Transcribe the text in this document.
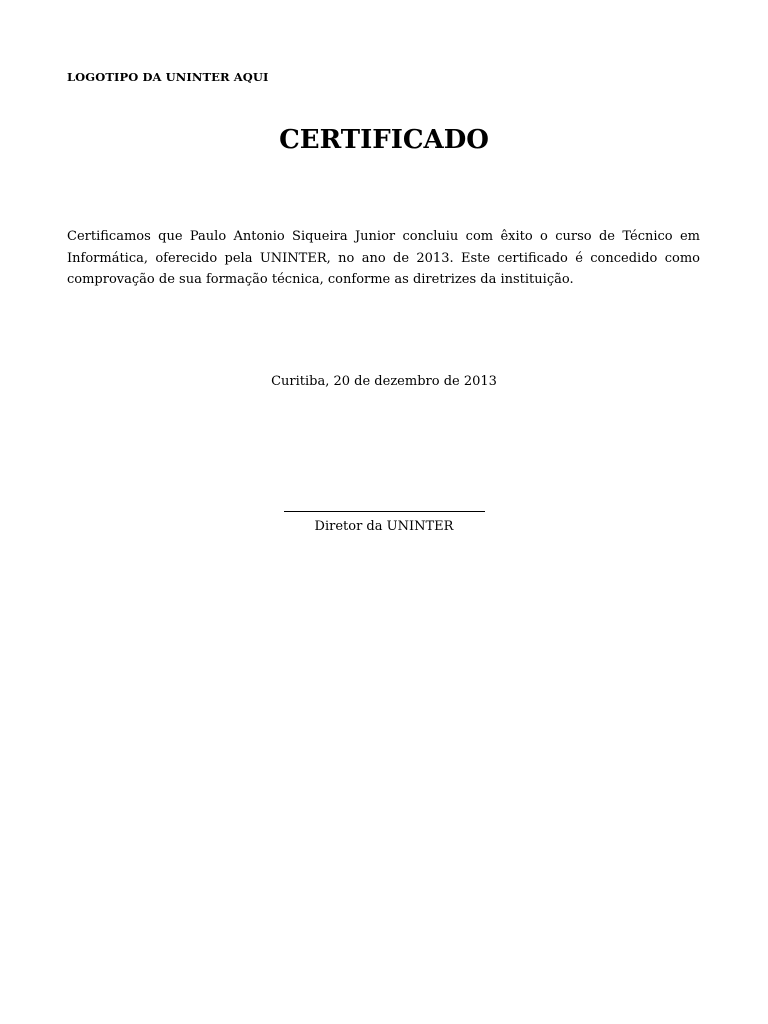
LOGOTIPO DA UNINTER AQUI
CERTIFICADO

Certificamos que Paulo Antonio Siqueira Junior concluiu com êxito o curso de Técnico em Informática, oferecido pela UNINTER, no ano de 2013. Este certificado é concedido como comprovação de sua formação técnica, conforme as diretrizes da instituição.

Curitiba, 20 de dezembro de 2013
Diretor da UNINTER
